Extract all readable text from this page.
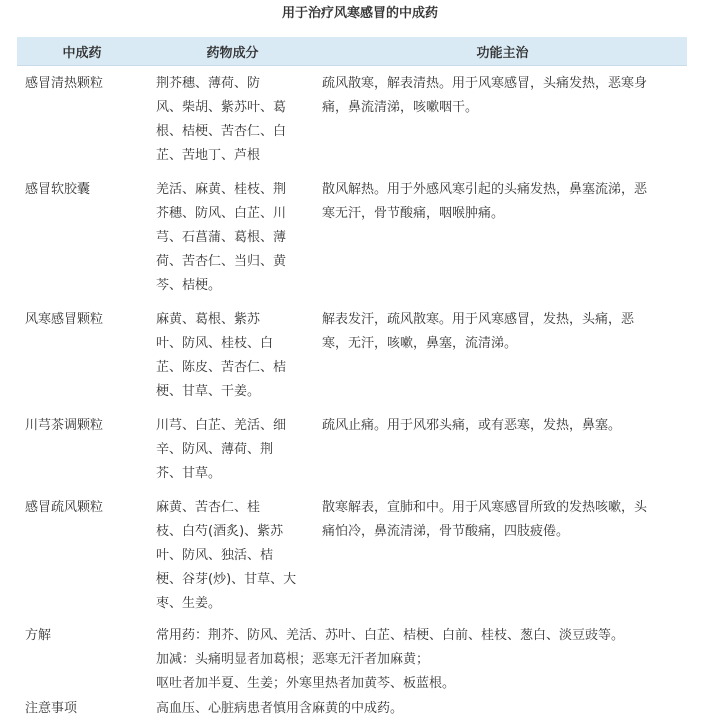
用于治疗风寒感冒的中成药
中成药	药物成分	功能主治
感冒清热颗粒	荆芥穗、薄荷、防
风、柴胡、紫苏叶、葛
根、桔梗、苦杏仁、白
芷、苦地丁、芦根	疏风散寒，解表清热。用于风寒感冒，头痛发热，恶寒身
痛，鼻流清涕，咳嗽咽干。

感冒软胶囊	羌活、麻黄、桂枝、荆
芥穗、防风、白芷、川
芎、石菖蒲、葛根、薄
荷、苦杏仁、当归、黄
芩、桔梗。	散风解热。用于外感风寒引起的头痛发热，鼻塞流涕，恶
寒无汗，骨节酸痛，咽喉肿痛。

风寒感冒颗粒	麻黄、葛根、紫苏
叶、防风、桂枝、白
芷、陈皮、苦杏仁、桔
梗、甘草、干姜。	解表发汗，疏风散寒。用于风寒感冒，发热，头痛，恶
寒，无汗，咳嗽，鼻塞，流清涕。

川芎茶调颗粒	川芎、白芷、羌活、细
辛、防风、薄荷、荆
芥、甘草。	疏风止痛。用于风邪头痛，或有恶寒，发热，鼻塞。

感冒疏风颗粒	麻黄、苦杏仁、桂
枝、白芍(酒炙)、紫苏
叶、防风、独活、桔
梗、谷芽(炒)、甘草、大
枣、生姜。	散寒解表，宣肺和中。用于风寒感冒所致的发热咳嗽，头
痛怕冷，鼻流清涕，骨节酸痛，四肢疲倦。

方解	常用药：荆芥、防风、羌活、苏叶、白芷、桔梗、白前、桂枝、葱白、淡豆豉等。
加减：头痛明显者加葛根；恶寒无汗者加麻黄；
呕吐者加半夏、生姜；外寒里热者加黄芩、板蓝根。	

注意事项	高血压、心脏病患者慎用含麻黄的中成药。	
